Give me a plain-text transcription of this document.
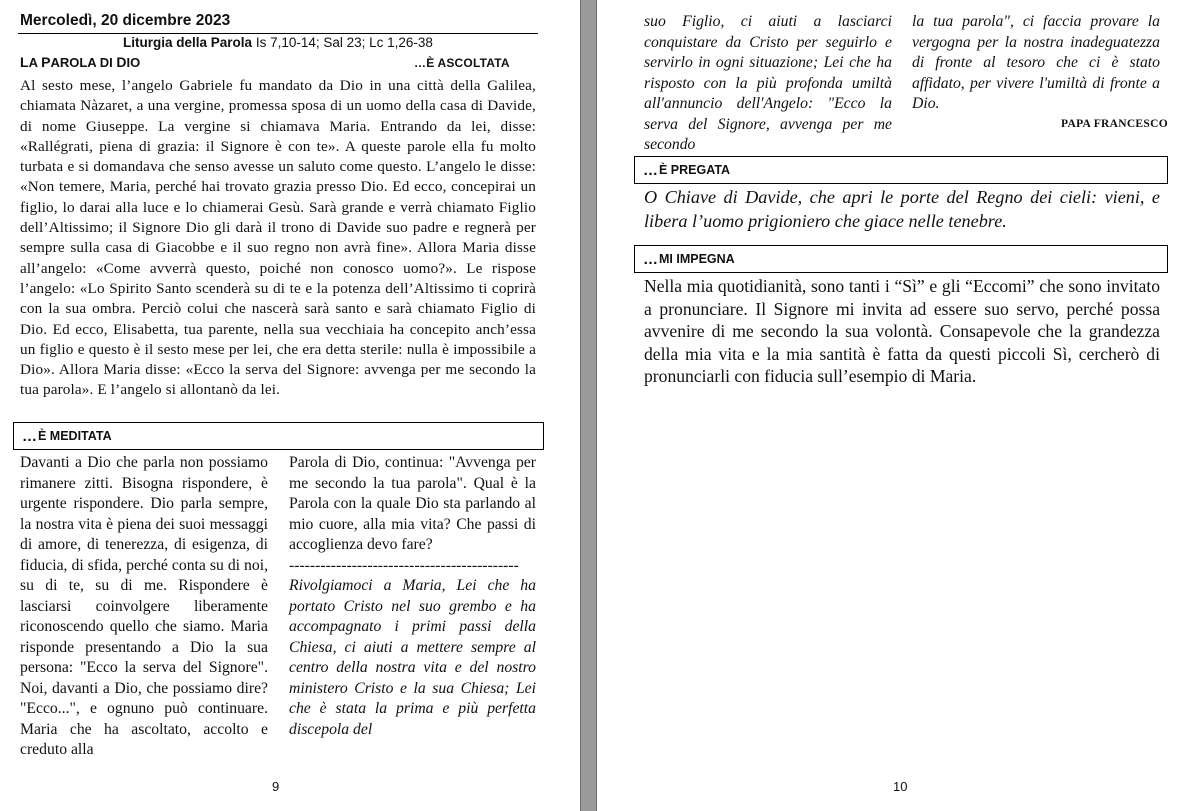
Mercoledì, 20 dicembre 2023
Liturgia della Parola Is 7,10-14; Sal 23; Lc 1,26-38
LA PAROLA DI DIO	…È ASCOLTATA
Al sesto mese, l’angelo Gabriele fu mandato da Dio in una città della Galilea, chiamata Nàzaret, a una vergine, promessa sposa di un uomo della casa di Davide, di nome Giuseppe. La vergine si chiamava Maria. Entrando da lei, disse: «Rallégrati, piena di grazia: il Signore è con te». A queste parole ella fu molto turbata e si domandava che senso avesse un saluto come questo. L’angelo le disse: «Non temere, Maria, perché hai trovato grazia presso Dio. Ed ecco, concepirai un figlio, lo darai alla luce e lo chiamerai Gesù. Sarà grande e verrà chiamato Figlio dell’Altissimo; il Signore Dio gli darà il trono di Davide suo padre e regnerà per sempre sulla casa di Giacobbe e il suo regno non avrà fine». Allora Maria disse all’angelo: «Come avverrà questo, poiché non conosco uomo?». Le rispose l’angelo: «Lo Spirito Santo scenderà su di te e la potenza dell’Altissimo ti coprirà con la sua ombra. Perciò colui che nascerà sarà santo e sarà chiamato Figlio di Dio. Ed ecco, Elisabetta, tua parente, nella sua vecchiaia ha concepito anch’essa un figlio e questo è il sesto mese per lei, che era detta sterile: nulla è impossibile a Dio». Allora Maria disse: «Ecco la serva del Signore: avvenga per me secondo la tua parola». E l’angelo si allontanò da lei.
… È MEDITATA
Davanti a Dio che parla non possiamo rimanere zitti. Bisogna rispondere, è urgente rispondere. Dio parla sempre, la nostra vita è piena dei suoi messaggi di amore, di tenerezza, di esigenza, di fiducia, di sfida, perché conta su di noi, su di te, su di me. Rispondere è lasciarsi coinvolgere liberamente riconoscendo quello che siamo. Maria risponde presentando a Dio la sua persona: "Ecco la serva del Signore". Noi, davanti a Dio, che possiamo dire? "Ecco...", e ognuno può continuare. Maria che ha ascoltato, accolto e creduto alla
Parola di Dio, continua: "Avvenga per me secondo la tua parola". Qual è la Parola con la quale Dio sta parlando al mio cuore, alla mia vita? Che passi di accoglienza devo fare?
--------------------------------------------
Rivolgiamoci a Maria, Lei che ha portato Cristo nel suo grembo e ha accompagnato i primi passi della Chiesa, ci aiuti a mettere sempre al centro della nostra vita e del nostro ministero Cristo e la sua Chiesa; Lei che è stata la prima e più perfetta discepola del
9
suo Figlio, ci aiuti a lasciarci conquistare da Cristo per seguirlo e servirlo in ogni situazione; Lei che ha risposto con la più profonda umiltà all'annuncio dell'Angelo: "Ecco la serva del Signore, avvenga per me secondo
la tua parola", ci faccia provare la vergogna per la nostra inadeguatezza di fronte al tesoro che ci è stato affidato, per vivere l'umiltà di fronte a Dio.
PAPA FRANCESCO
… È PREGATA
O Chiave di Davide, che apri le porte del Regno dei cieli: vieni, e libera l’uomo prigioniero che giace nelle tenebre.
… MI IMPEGNA
Nella mia quotidianità, sono tanti i “Sì” e gli “Eccomi” che sono invitato a pronunciare. Il Signore mi invita ad essere suo servo, perché possa avvenire di me secondo la sua volontà. Consapevole che la grandezza della mia vita e la mia santità è fatta da questi piccoli Sì, cercherò di pronunciarli con fiducia sull’esempio di Maria.
10
